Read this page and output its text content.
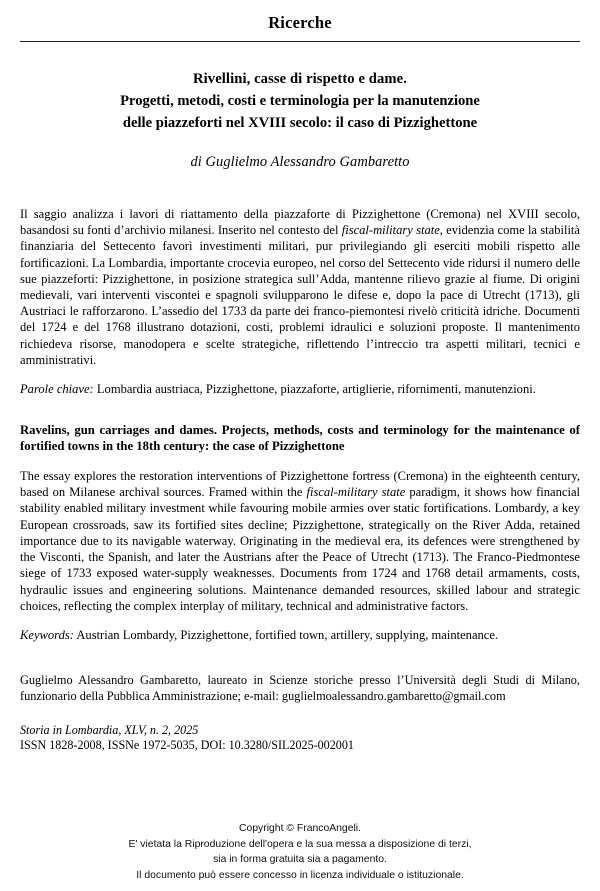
Ricerche
Rivellini, casse di rispetto e dame.
Progetti, metodi, costi e terminologia per la manutenzione
delle piazzeforti nel XVIII secolo: il caso di Pizzighettone
di Guglielmo Alessandro Gambaretto

Il saggio analizza i lavori di riattamento della piazzaforte di Pizzighettone (Cremona) nel XVIII secolo, basandosi su fonti d’archivio milanesi. Inserito nel contesto del fiscal-military state, evidenzia come la stabilità finanziaria del Settecento favorì investimenti militari, pur privilegiando gli eserciti mobili rispetto alle fortificazioni. La Lombardia, importante crocevia europeo, nel corso del Settecento vide ridursi il numero delle sue piazzeforti: Pizzighettone, in posizione strategica sull’Adda, mantenne rilievo grazie al fiume. Di origini medievali, vari interventi viscontei e spagnoli svilupparono le difese e, dopo la pace di Utrecht (1713), gli Austriaci le rafforzarono. L’assedio del 1733 da parte dei franco-piemontesi rivelò criticità idriche. Documenti del 1724 e del 1768 illustrano dotazioni, costi, problemi idraulici e soluzioni proposte. Il mantenimento richiedeva risorse, manodopera e scelte strategiche, riflettendo l’intreccio tra aspetti militari, tecnici e amministrativi.

Parole chiave: Lombardia austriaca, Pizzighettone, piazzaforte, artiglierie, rifornimenti, manutenzioni.

Ravelins, gun carriages and dames. Projects, methods, costs and terminology for the maintenance of fortified towns in the 18th century: the case of Pizzighettone

The essay explores the restoration interventions of Pizzighettone fortress (Cremona) in the eighteenth century, based on Milanese archival sources. Framed within the fiscal-military state paradigm, it shows how financial stability enabled military investment while favouring mobile armies over static fortifications. Lombardy, a key European crossroads, saw its fortified sites decline; Pizzighettone, strategically on the River Adda, retained importance due to its navigable waterway. Originating in the medieval era, its defences were strengthened by the Visconti, the Spanish, and later the Austrians after the Peace of Utrecht (1713). The Franco-Piedmontese siege of 1733 exposed water-supply weaknesses. Documents from 1724 and 1768 detail armaments, costs, hydraulic issues and engineering solutions. Maintenance demanded resources, skilled labour and strategic choices, reflecting the complex interplay of military, technical and administrative factors.

Keywords: Austrian Lombardy, Pizzighettone, fortified town, artillery, supplying, maintenance.

Guglielmo Alessandro Gambaretto, laureato in Scienze storiche presso l’Università degli Studi di Milano, funzionario della Pubblica Amministrazione; e-mail: guglielmoalessandro.gambaretto@gmail.com

Storia in Lombardia, XLV, n. 2, 2025
ISSN 1828-2008, ISSNe 1972-5035, DOI: 10.3280/SIL2025-002001
Copyright © FrancoAngeli.
E' vietata la Riproduzione dell'opera e la sua messa a disposizione di terzi,
sia in forma gratuita sia a pagamento.
Il documento può essere concesso in licenza individuale o istituzionale.
